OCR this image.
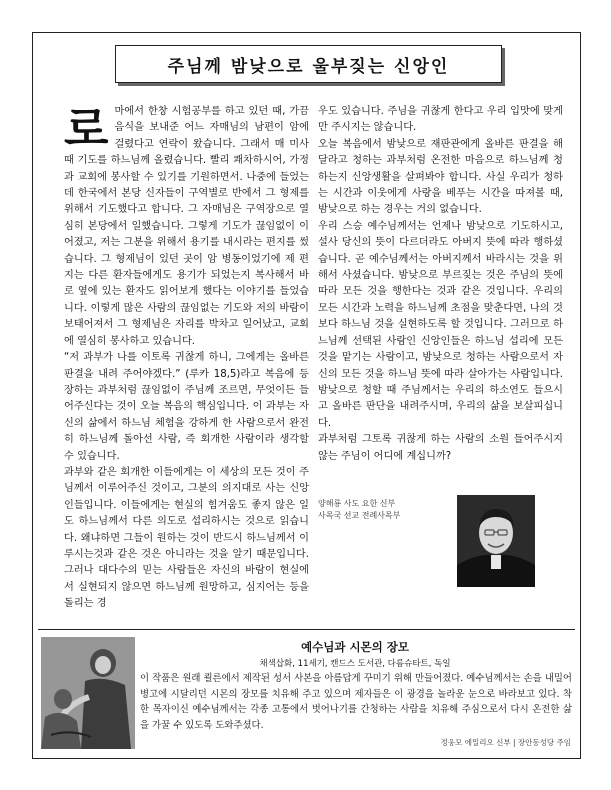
주님께 밤낮으로 울부짖는 신앙인
로 마에서 한창 시험공부를 하고 있던 때, 가끔 음식을 보내준 어느 자매님의 남편이 암에 걸렸다고 연락이 왔습니다. 그래서 매 미사 때 기도를 하느님께 올렸습니다. 빨리 쾌차하시어, 가정과 교회에 봉사할 수 있기를 기원하면서. 나중에 들었는데 한국에서 본당 신자들이 구역별로 반에서 그 형제를 위해서 기도했다고 합니다. 그 자매님은 구역장으로 열심히 본당에서 일했습니다. 그렇게 기도가 끊임없이 이어졌고, 저는 그분을 위해서 용기를 내시라는 편지를 썼습니다. 그 형제님이 있던 곳이 암 병동이었기에 제 편지는 다른 환자들에게도 용기가 되었는지 복사해서 바로 옆에 있는 환자도 읽어보게 했다는 이야기를 들었습니다. 이렇게 많은 사람의 끊임없는 기도와 저의 바람이 보태어져서 그 형제님은 자리를 박차고 일어났고, 교회에 열심히 봉사하고 있습니다.

“저 과부가 나를 이토록 귀찮게 하니, 그에게는 올바른 판결을 내려 주어야겠다.” (루카 18,5)라고 복음에 등장하는 과부처럼 끊임없이 주님께 조르면, 무엇이든 들어주신다는 것이 오늘 복음의 핵심입니다. 이 과부는 자신의 삶에서 하느님 체험을 강하게 한 사람으로서 완전히 하느님께 돌아선 사람, 즉 회개한 사람이라 생각할 수 있습니다.

과부와 같은 회개한 이들에게는 이 세상의 모든 것이 주님께서 이루어주신 것이고, 그분의 의지대로 사는 신앙인들입니다. 이들에게는 현실의 힘겨움도 좋지 않은 일도 하느님께서 다른 의도로 섭리하시는 것으로 읽습니다. 왜냐하면 그들이 원하는 것이 반드시 하느님께서 이루시는것과 같은 것은 아니라는 것을 알기 때문입니다. 그러나 대다수의 믿는 사람들은 자신의 바람이 현실에서 실현되지 않으면 하느님께 원망하고, 심지어는 등을 돌리는 경

우도 있습니다. 주님을 귀찮게 한다고 우리 입맛에 맞게만 주시지는 않습니다.

오늘 복음에서 밤낮으로 재판관에게 올바른 판결을 해 달라고 청하는 과부처럼 온전한 마음으로 하느님께 청하는지 신앙생활을 살펴봐야 합니다. 사실 우리가 청하는 시간과 이웃에게 사랑을 베푸는 시간을 따져볼 때, 밤낮으로 하는 경우는 거의 없습니다.

우리 스승 예수님께서는 언제나 밤낮으로 기도하시고, 설사 당신의 뜻이 다르더라도 아버지 뜻에 따라 행하셨습니다. 곧 예수님께서는 아버지께서 바라시는 것을 위해서 사셨습니다. 밤낮으로 부르짖는 것은 주님의 뜻에 따라 모든 것을 행한다는 것과 같은 것입니다. 우리의 모든 시간과 노력을 하느님께 초점을 맞춘다면, 나의 것보다 하느님 것을 실현하도록 할 것입니다. 그러므로 하느님께 선택된 사람인 신앙인들은 하느님 섭리에 모든 것을 맡기는 사람이고, 밤낮으로 청하는 사람으로서 자신의 모든 것을 하느님 뜻에 따라 살아가는 사람입니다. 밤낮으로 청할 때 주님께서는 우리의 하소연도 들으시고 올바른 판단을 내려주시며, 우리의 삶을 보살피십니다.

과부처럼 그토록 귀찮게 하는 사람의 소원 들어주시지 않는 주님이 어디에 계십니까?

양해룡 사도 요한 신부
사목국 선교 전례사목부
예수님과 시몬의 장모
채색삽화, 11세기, 캔드스 도서관, 다름슈타트, 독일

이 작품은 원래 쾰른에서 제작된 성서 사본을 아름답게 꾸미기 위해 만들어졌다. 예수님께서는 손을 내밀어 병고에 시달리던 시몬의 장모를 치유해 주고 있으며 제자들은 이 광경을 놀라운 눈으로 바라보고 있다. 착한 목자이신 예수님께서는 각종 고통에서 벗어나기를 간청하는 사람을 치유해 주심으로서 다시 온전한 삶을 가꿀 수 있도록 도와주셨다.

정웅모 에밀리오 신부 | 장안동성당 주임
